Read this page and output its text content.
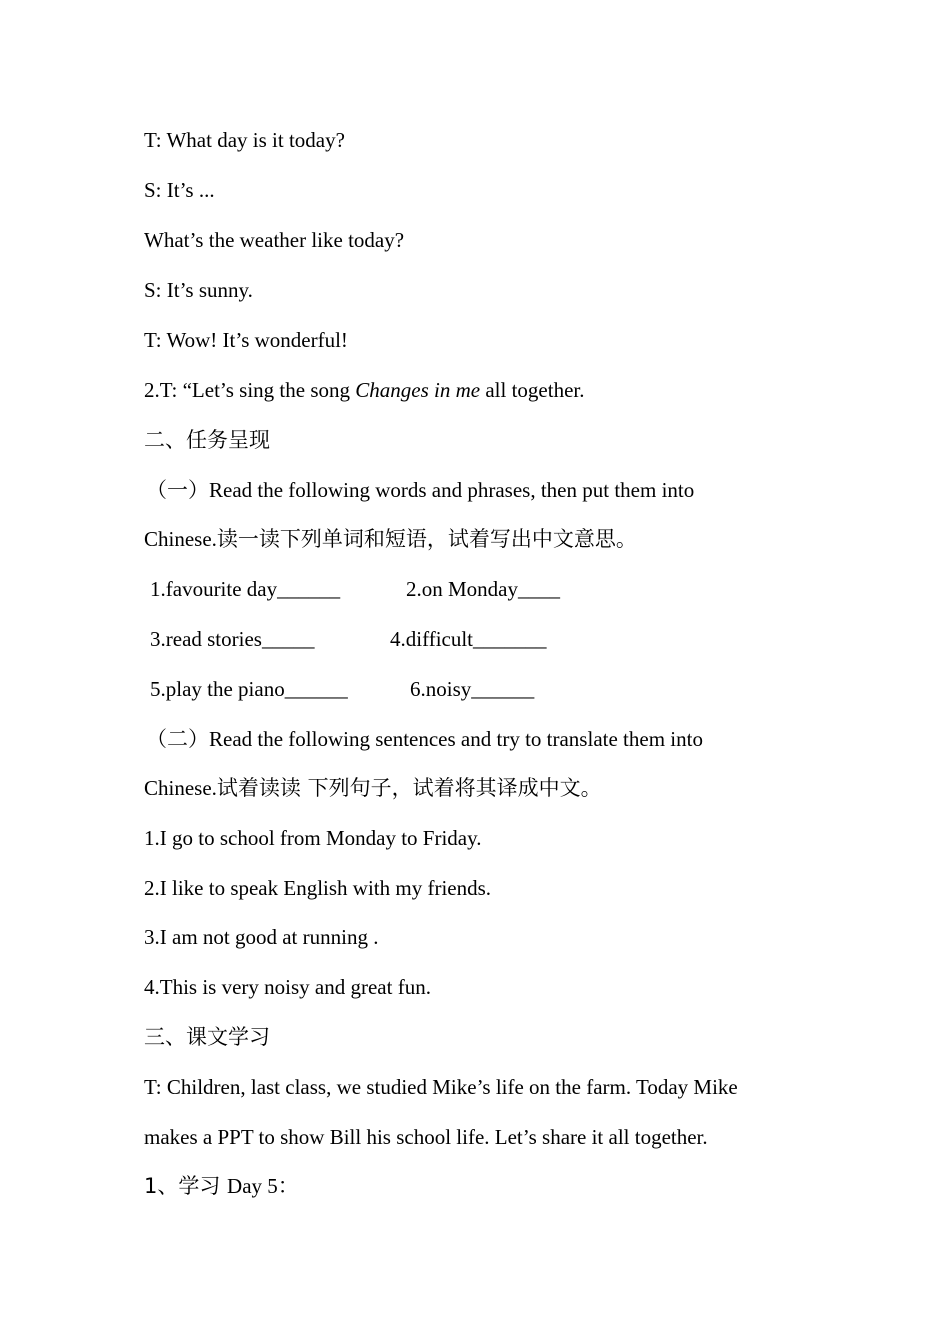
T: What day is it today?
S: It’s ...
What’s the weather like today?
S: It’s sunny.
T: Wow! It’s wonderful!
2.T: “Let’s sing the song Changes in me all together.
二、任务呈现
（一）Read the following words and phrases, then put them into
Chinese.读一读下列单词和短语，试着写出中文意思。
1.favourite day______	2.on Monday____
3.read stories_____	4.difficult_______
5.play the piano______	6.noisy______
（二）Read the following sentences and try to translate them into
Chinese.试着读读 下列句子，试着将其译成中文。
1.I go to school from Monday to Friday.
2.I like to speak English with my friends.
3.I am not good at running .
4.This is very noisy and great fun.
三、课文学习
T: Children, last class, we studied Mike’s life on the farm. Today Mike
makes a PPT to show Bill his school life. Let’s share it all together.
1、学习 Day 5：
